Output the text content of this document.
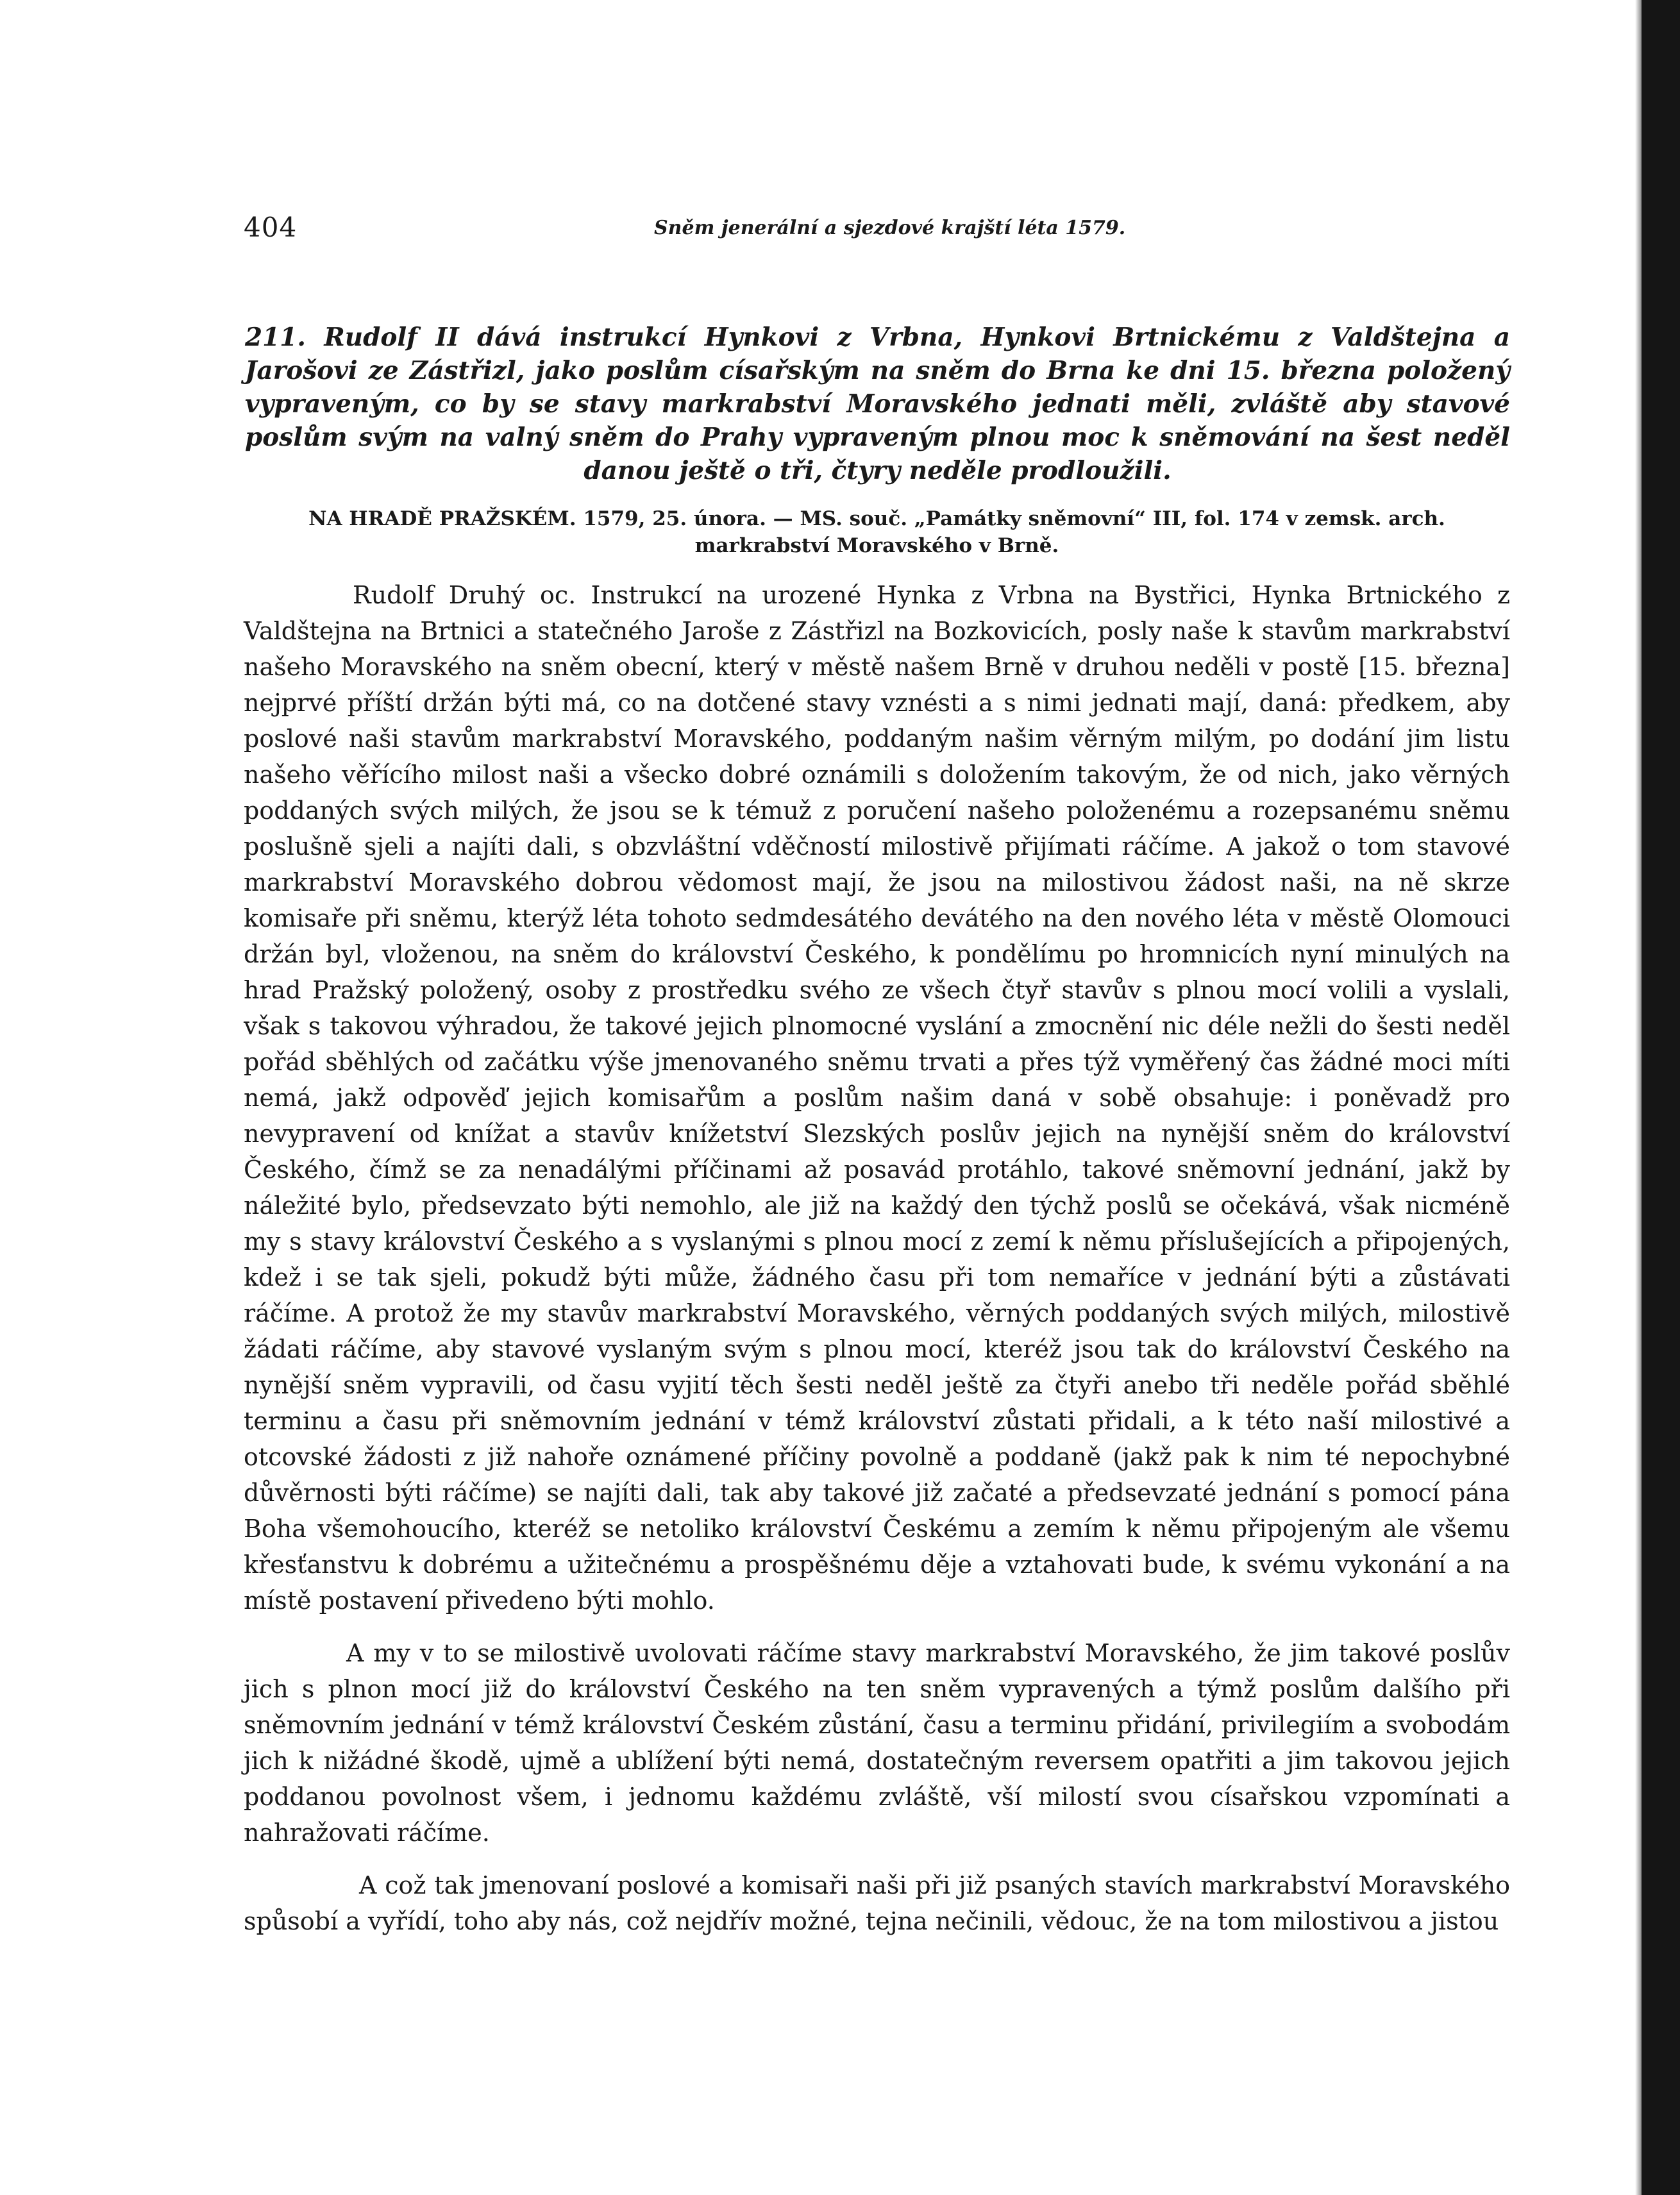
404	Sněm jenerální a sjezdové krajští léta 1579.
211. Rudolf II dává instrukcí Hynkovi z Vrbna, Hynkovi Brtnickému z Valdštejna a Jarošovi ze Zástřizl, jako poslům císařským na sněm do Brna ke dni 15. března položený vypraveným, co by se stavy markrabství Moravského jednati měli, zvláště aby stavové poslům svým na valný sněm do Prahy vypraveným plnou moc k sněmování na šest neděl danou ještě o tři, čtyry neděle prodloužili.
NA HRADĚ PRAŽSKÉM. 1579, 25. února. — MS. souč. „Památky sněmovní“ III, fol. 174 v zemsk. arch. markrabství Moravského v Brně.

Rudolf Druhý oc. Instrukcí na urozené Hynka z Vrbna na Bystřici, Hynka Brtnického z Valdštejna na Brtnici a statečného Jaroše z Zástřizl na Bozkovicích, posly naše k stavům markrabství našeho Moravského na sněm obecní, který v městě našem Brně v druhou neděli v postě [15. března] nejprvé příští držán býti má, co na dotčené stavy vznésti a s nimi jednati mají, daná: předkem, aby poslové naši stavům markrabství Moravského, poddaným našim věrným milým, po dodání jim listu našeho věřícího milost naši a všecko dobré oznámili s doložením takovým, že od nich, jako věrných poddaných svých milých, že jsou se k témuž z poručení našeho položenému a rozepsanému sněmu poslušně sjeli a najíti dali, s obzvláštní vděčností milostivě přijímati ráčíme. A jakož o tom stavové markrabství Moravského dobrou vědomost mají, že jsou na milostivou žádost naši, na ně skrze komisaře při sněmu, kterýž léta tohoto sedmdesátého devátého na den nového léta v městě Olomouci držán byl, vloženou, na sněm do království Českého, k pondělímu po hromnicích nyní minulých na hrad Pražský položený, osoby z prostředku svého ze všech čtyř stavův s plnou mocí volili a vyslali, však s takovou výhradou, že takové jejich plnomocné vyslání a zmocnění nic déle nežli do šesti neděl pořád sběhlých od začátku výše jmenovaného sněmu trvati a přes týž vyměřený čas žádné moci míti nemá, jakž odpověď jejich komisařům a poslům našim daná v sobě obsahuje: i poněvadž pro nevypravení od knížat a stavův knížetství Slezských poslův jejich na nynější sněm do království Českého, čímž se za nenadálými příčinami až posavád protáhlo, takové sněmovní jednání, jakž by náležité bylo, předsevzato býti nemohlo, ale již na každý den týchž poslů se očekává, však nicméně my s stavy království Českého a s vyslanými s plnou mocí z zemí k němu příslušejících a připojených, kdež i se tak sjeli, pokudž býti může, žádného času při tom nemaříce v jednání býti a zůstávati ráčíme. A protož že my stavův markrabství Moravského, věrných poddaných svých milých, milostivě žádati ráčíme, aby stavové vyslaným svým s plnou mocí, kteréž jsou tak do království Českého na nynější sněm vypravili, od času vyjití těch šesti neděl ještě za čtyři anebo tři neděle pořád sběhlé terminu a času při sněmovním jednání v témž království zůstati přidali, a k této naší milostivé a otcovské žádosti z již nahoře oznámené příčiny povolně a poddaně (jakž pak k nim té nepochybné důvěrnosti býti ráčíme) se najíti dali, tak aby takové již začaté a předsevzaté jednání s pomocí pána Boha všemohoucího, kteréž se netoliko království Českému a zemím k němu připojeným ale všemu křesťanstvu k dobrému a užitečnému a prospěšnému děje a vztahovati bude, k svému vykonání a na místě postavení přivedeno býti mohlo.

A my v to se milostivě uvolovati ráčíme stavy markrabství Moravského, že jim takové poslův jich s plnon mocí již do království Českého na ten sněm vypravených a týmž poslům dalšího při sněmovním jednání v témž království Českém zůstání, času a terminu přidání, privilegiím a svobodám jich k nižádné škodě, ujmě a ublížení býti nemá, dostatečným reversem opatřiti a jim takovou jejich poddanou povolnost všem, i jednomu každému zvláště, vší milostí svou císařskou vzpomínati a nahražovati ráčíme.

A což tak jmenovaní poslové a komisaři naši při již psaných stavích markrabství Moravského spůsobí a vyřídí, toho aby nás, což nejdřív možné, tejna nečinili, vědouc, že na tom milostivou a jistou
